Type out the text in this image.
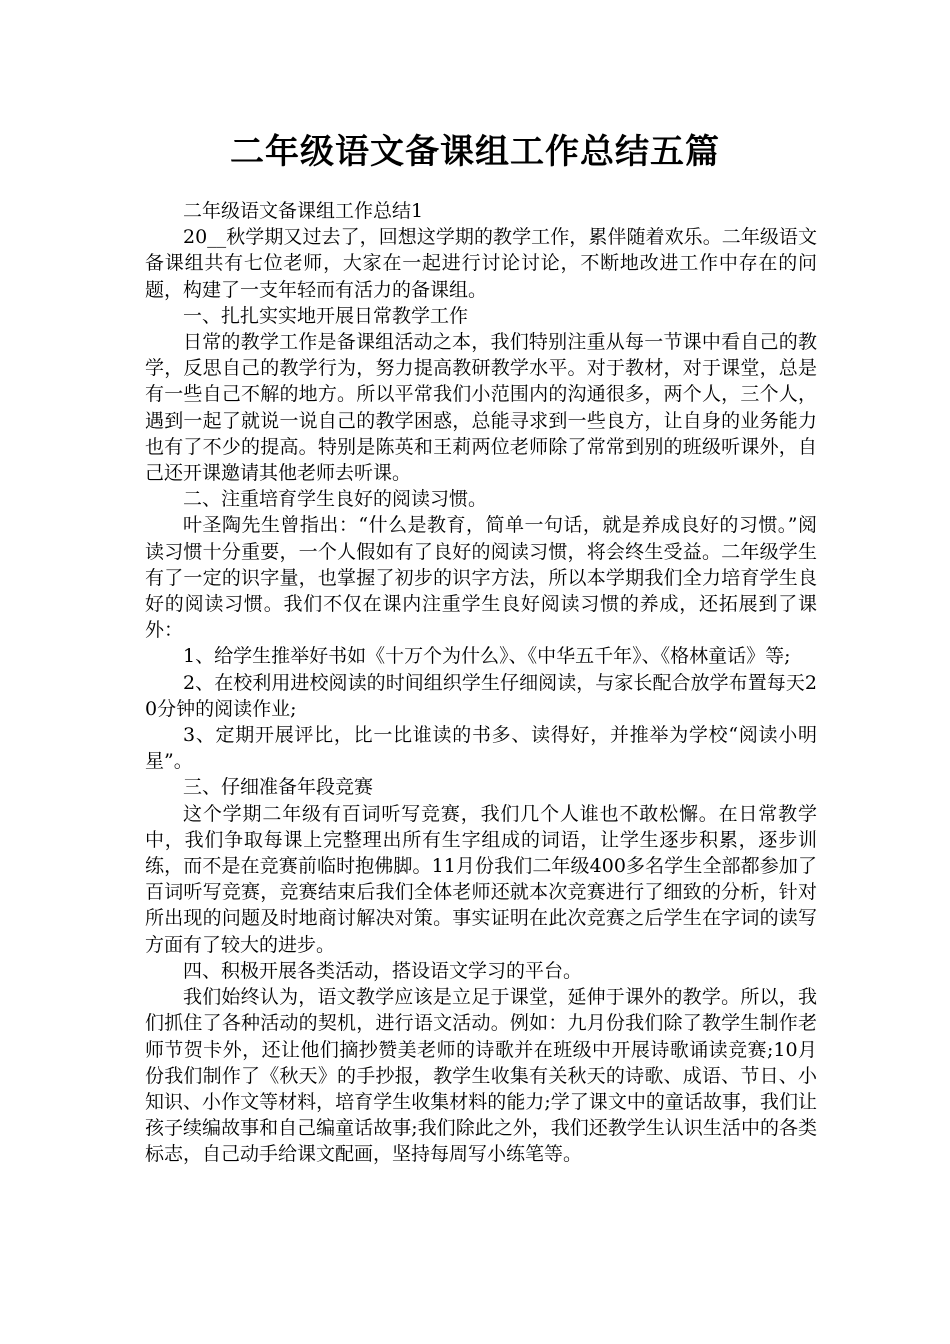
二年级语文备课组工作总结五篇

二年级语文备课组工作总结1

20__秋学期又过去了，回想这学期的教学工作，累伴随着欢乐。二年级语文备课组共有七位老师，大家在一起进行讨论讨论，不断地改进工作中存在的问题，构建了一支年轻而有活力的备课组。

一、扎扎实实地开展日常教学工作

日常的教学工作是备课组活动之本，我们特别注重从每一节课中看自己的教学，反思自己的教学行为，努力提高教研教学水平。对于教材，对于课堂，总是有一些自己不解的地方。所以平常我们小范围内的沟通很多，两个人，三个人，遇到一起了就说一说自己的教学困惑，总能寻求到一些良方，让自身的业务能力也有了不少的提高。特别是陈英和王莉两位老师除了常常到别的班级听课外，自己还开课邀请其他老师去听课。

二、注重培育学生良好的阅读习惯。

叶圣陶先生曾指出：“什么是教育，简单一句话，就是养成良好的习惯。”阅读习惯十分重要，一个人假如有了良好的阅读习惯，将会终生受益。二年级学生有了一定的识字量，也掌握了初步的识字方法，所以本学期我们全力培育学生良好的阅读习惯。我们不仅在课内注重学生良好阅读习惯的养成，还拓展到了课外：

1、给学生推举好书如《十万个为什么》、《中华五千年》、《格林童话》等;

2、在校利用进校阅读的时间组织学生仔细阅读，与家长配合放学布置每天20分钟的阅读作业;

3、定期开展评比，比一比谁读的书多、读得好，并推举为学校“阅读小明星”。

三、仔细准备年段竞赛

这个学期二年级有百词听写竞赛，我们几个人谁也不敢松懈。在日常教学中，我们争取每课上完整理出所有生字组成的词语，让学生逐步积累，逐步训练，而不是在竞赛前临时抱佛脚。11月份我们二年级400多名学生全部都参加了百词听写竞赛，竞赛结束后我们全体老师还就本次竞赛进行了细致的分析，针对所出现的问题及时地商讨解决对策。事实证明在此次竞赛之后学生在字词的读写方面有了较大的进步。

四、积极开展各类活动，搭设语文学习的平台。

我们始终认为，语文教学应该是立足于课堂，延伸于课外的教学。所以，我们抓住了各种活动的契机，进行语文活动。例如：九月份我们除了教学生制作老师节贺卡外，还让他们摘抄赞美老师的诗歌并在班级中开展诗歌诵读竞赛;10月份我们制作了《秋天》的手抄报，教学生收集有关秋天的诗歌、成语、节日、小知识、小作文等材料，培育学生收集材料的能力;学了课文中的童话故事，我们让孩子续编故事和自己编童话故事;我们除此之外，我们还教学生认识生活中的各类标志，自己动手给课文配画，坚持每周写小练笔等。
